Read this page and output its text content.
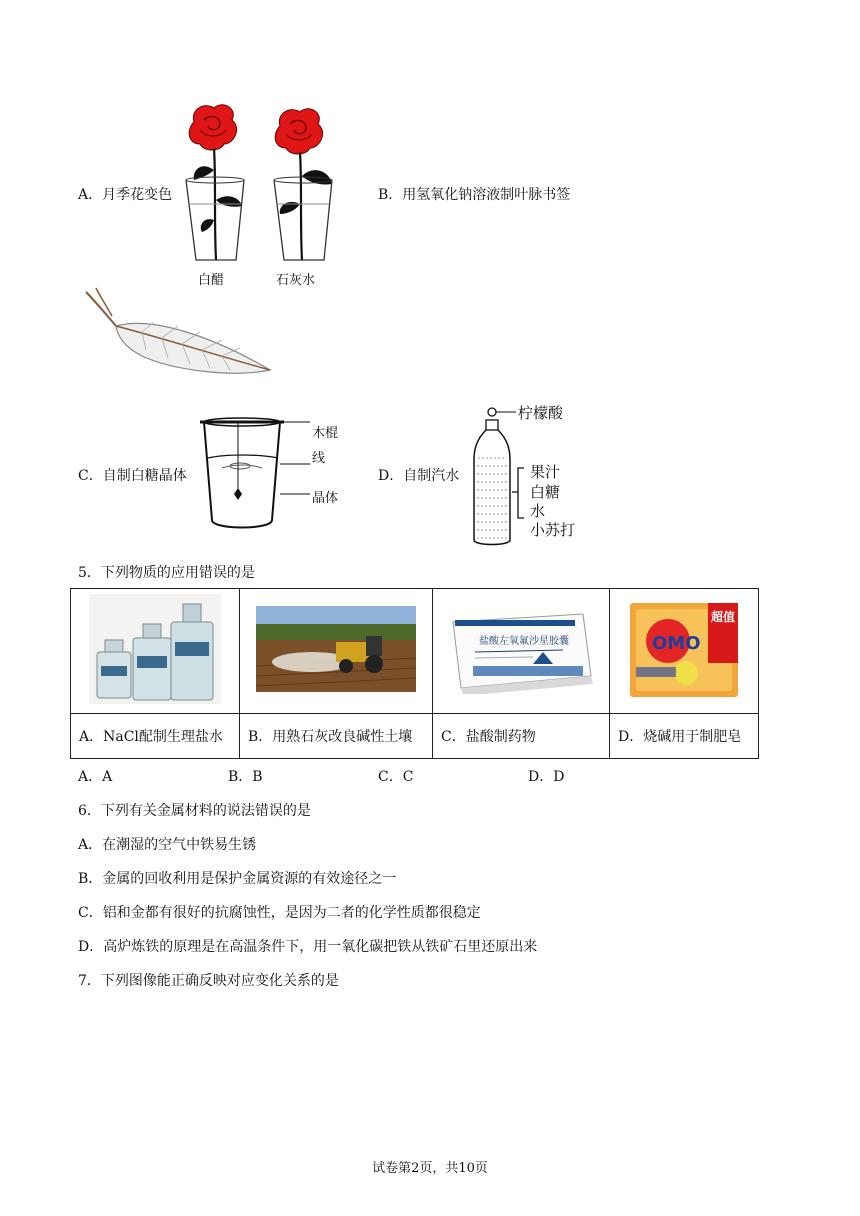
A．月季花变色
白醋	石灰水
B．用氢氧化钠溶液制叶脉书签
C．自制白糖晶体
木棍
线
晶体
D．自制汽水
柠檬酸
果汁
白糖
水
小苏打
5．下列物质的应用错误的是

盐酸左氧氟沙星胶囊	OMO
超值

A．NaCl配制生理盐水	B．用熟石灰改良碱性土壤	C．盐酸制药物	D．烧碱用于制肥皂
A．A	B．B	C．C	D．D
6．下列有关金属材料的说法错误的是
A．在潮湿的空气中铁易生锈
B．金属的回收利用是保护金属资源的有效途径之一
C．铝和金都有很好的抗腐蚀性，是因为二者的化学性质都很稳定
D．高炉炼铁的原理是在高温条件下，用一氧化碳把铁从铁矿石里还原出来
7．下列图像能正确反映对应变化关系的是
试卷第2页，共10页
